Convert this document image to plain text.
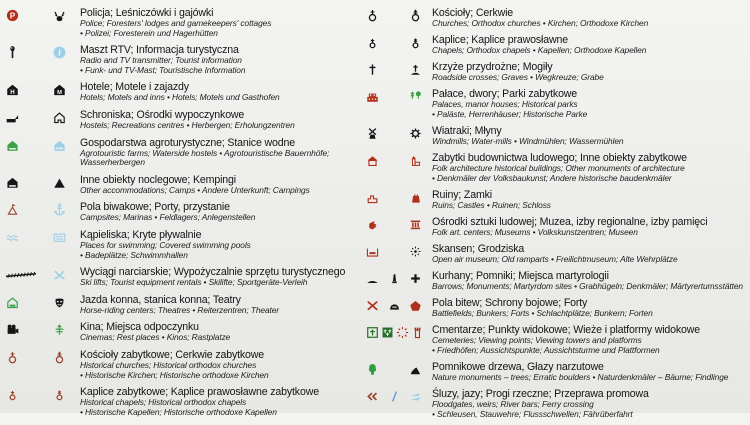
P	Policja; Leśniczówki i gajówki
Police; Foresters' lodges and gamekeepers' cottages
• Polizei; Foresterein und Hagerhütten
i Maszt RTV; Informacja turystyczna
Radio and TV transmitter; Tourist information
• Funk- und TV-Mast; Touristische Information
H	M Hotele; Motele i zajazdy
Hotels; Motels and inns • Hotels; Motels und Gasthofen
Schroniska; Ośrodki wypoczynkowe
Hostels; Recreations centres • Herbergen; Erholungzentren
Gospodarstwa agroturystyczne; Stanice wodne
Agrotouristic farms; Waterside hostels • Agrotouristische Bauernhöfe;
Wasserherbergen
Inne obiekty noclegowe; Kempingi
Other accommodations; Camps • Andere Unterkunft; Campings
Pola biwakowe; Porty, przystanie
Campsites; Marinas • Feldlagers; Anlegenstellen
Kąpieliska; Kryte pływalnie
Places for swimming; Covered swimming pools
• Badeplätze; Schwimmhallen
Wyciągi narciarskie; Wypożyczalnie sprzętu turystycznego
Ski lifts; Tourist equipment rentals • Skilifte; Sportgeräte-Verleih
Jazda konna, stanica konna; Teatry
Horse-riding centers; Theatres • Reiterzentren; Theater
Kina; Miejsca odpoczynku
Cinemas; Rest places • Kinos; Rastplatze
Kościoły zabytkowe; Cerkwie zabytkowe
Historical churches; Historical orthodox churches
• Historische Kirchen; Historische orthodoxe Kirchen
Kaplice zabytkowe; Kaplice prawosławne zabytkowe
Historical chapels; Historical orthodox chapels
• Historische Kapellen; Historische orthodoxe Kapellen
Kościoły; Cerkwie
Churches; Orthodox churches • Kirchen; Orthodoxe Kirchen
Kaplice; Kaplice prawosławne
Chapels; Orthodox chapels • Kapellen; Orthodoxe Kapellen
Krzyże przydrożne; Mogiły
Roadside crosses; Graves • Wegkreuze; Grabe
Pałace, dwory; Parki zabytkowe
Palaces, manor houses; Historical parks
• Paläste, Herrenhäuser; Historische Parke
Wiatraki; Młyny
Windmills; Water-mills • Windmühlen; Wassermühlen
Zabytki budownictwa ludowego; Inne obiekty zabytkowe
Folk architecture historical buildings; Other monuments of architecture
• Denkmäler der Volksbaukunst; Andere historische baudenkmäler
Ruiny; Zamki
Ruins; Castles • Ruinen; Schloss
Ośrodki sztuki ludowej; Muzea, izby regionalne, izby pamięci
Folk art. centers; Museums • Volkskunstzentren; Museen
Skansen; Grodziska
Open air museum; Old ramparts • Freilichtmuseum; Alte Wehrplätze
Kurhany; Pomniki; Miejsca martyrologii
Barrows; Monuments; Martyrdom sites • Grabhügeln; Denkmäler; Märtyrertumsstätten
Pola bitew; Schrony bojowe; Forty
Battlefields; Bunkers; Forts • Schlachtplätze; Bunkern; Forten
Cmentarze; Punkty widokowe; Wieże i platformy widokowe
Cemeteries; Viewing points; Viewing towers and platforms
• Friedhöfen; Aussichtspunkte; Aussichtsturme und Plattformen
Pomnikowe drzewa, Głazy narzutowe
Nature monuments – trees; Erratic boulders • Naturdenkmäler – Bäume; Findlinge
Śluzy, jazy; Progi rzeczne; Przeprawa promowa
Floodgates, weirs; River bars; Ferry crossing
• Schleusen, Stauwehre; Flussschwellen; Fährüberfahrt
